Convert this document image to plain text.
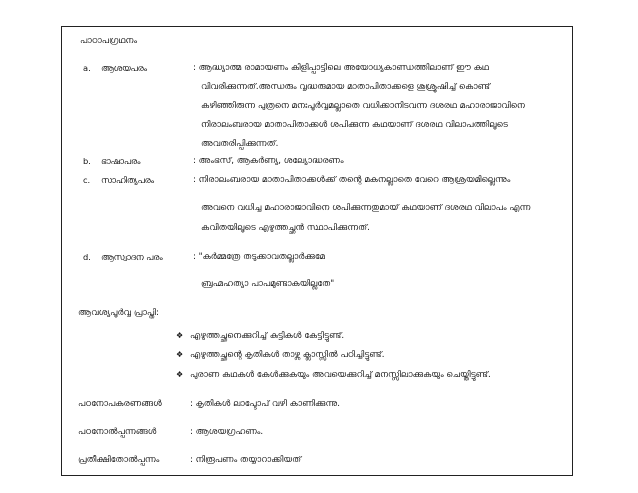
പാഠാപഗ്രഥനം
a. ആശയപരം	: ആദ്ധ്യാത്മ രാമായണം കിളിപ്പാട്ടിലെ അയോധ്യകാണ്ഡത്തിലാണ് ഈ കഥ
വിവരിക്കുന്നത്.അന്ധരും വൃദ്ധരുമായ മാതാപിതാക്കളെ ശുശ്രൂഷിച്ച് കൊണ്ട്
കഴിഞ്ഞിരുന്ന പുത്രനെ മനഃപൂർവ്വമല്ലാതെ വധിക്കാനിടവന്ന ദശരഥ മഹാരാജാവിനെ
നിരാലംബരായ മാതാപിതാക്കൾ ശപിക്കുന്ന കഥയാണ് ദശരഥ വിലാപത്തിലൂടെ
അവതരിപ്പിക്കുന്നത്.
b. ഭാഷാപരം	: അംഭസ്, ആകർണ്യ, ശല്യോദ്ധരണം
c. സാഹിത്യപരം	: നിരാലംബരായ മാതാപിതാക്കൾക്ക് തന്റെ മകനല്ലാതെ വേറെ ആശ്രയമില്ലെന്നും
അവനെ വധിച്ച മഹാരാജാവിനെ ശപിക്കുന്നതുമായ് കഥയാണ് ദശരഥ വിലാപം എന്ന
കവിതയിലൂടെ എഴുത്തച്ഛൻ സ്ഥാപിക്കുന്നത്.
d. ആസ്വാദന പരം	: "കർമ്മത്രേ തടുക്കാവതല്ലാർക്കുമേ
ബ്രഹ്മഹത്യാ പാപമുണ്ടാകയില്ലതേ"
ആവശ്യപൂർവ്വ പ്രാപ്തി:
❖ എഴുത്തച്ഛനെക്കുറിച്ച് കുട്ടികൾ കേട്ടിട്ടുണ്ട്.
❖ എഴുത്തച്ഛന്റെ കൃതികൾ താഴ്ന്ന ക്ലാസ്സിൽ പഠിച്ചിട്ടുണ്ട്.
❖ പുരാണ കഥകൾ കേൾക്കുകയും അവയെക്കുറിച്ച് മനസ്സിലാക്കുകയും ചെയ്തിട്ടുണ്ട്.
പഠനോപകരണങ്ങൾ	: കൃതികൾ ലാപ്ടോപ് വഴി കാണിക്കുന്നു.
പഠനോൽപ്പന്നങ്ങൾ	: ആശയഗ്രഹണം.
പ്രതീക്ഷിതോൽപ്പന്നം	: നിരൂപണം തയ്യാറാക്കിയത്
